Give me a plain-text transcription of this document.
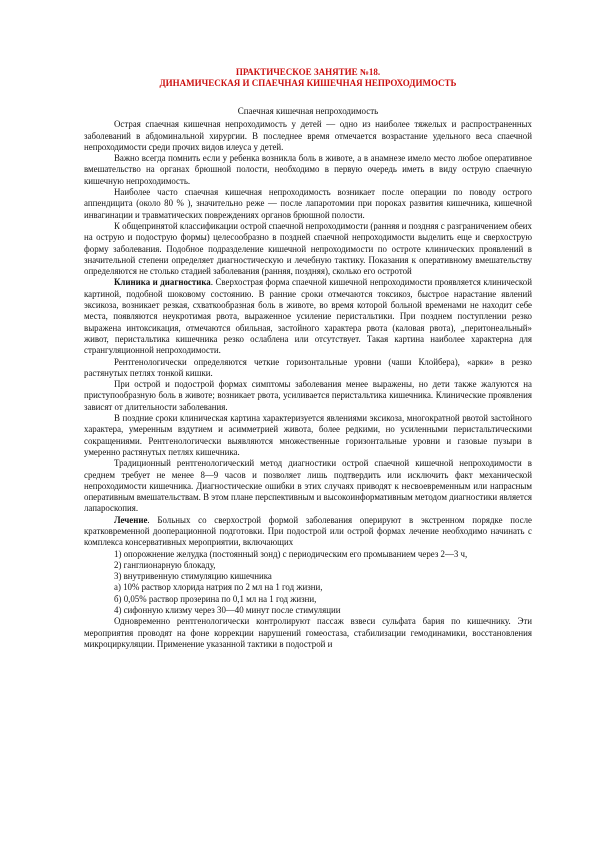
ПРАКТИЧЕСКОЕ ЗАНЯТИЕ №18.
ДИНАМИЧЕСКАЯ И СПАЕЧНАЯ КИШЕЧНАЯ НЕПРОХОДИМОСТЬ

Спаечная кишечная непроходимость

Острая спаечная кишечная непроходимость у детей — одно из наиболее тяжелых и распространенных заболеваний в абдоминальной хирургии. В последнее время отмечается возрастание удельного веса спаечной непроходимости среди прочих видов илеуса у детей.

Важно всегда помнить если у ребенка возникла боль в животе, а в анамнезе имело место любое оперативное вмешательство на органах брюшной полости, необходимо в первую очередь иметь в виду острую спаечную кишечную непроходимость.

Наиболее часто спаечная кишечная непроходимость возникает после операции по поводу острого аппендицита (около 80 % ), значительно реже — после лапаротомии при пороках развития кишечника, кишечной инвагинации и травматических повреждениях органов брюшной полости.

К общепринятой классификации острой спаечной непроходимости (ранняя и поздняя с разграничением обеих на острую и подострую формы) целесообразно в поздней спаечной непроходимости выделить еще и сверхострую форму заболевания. Подобное подразделение кишечной непроходимости по остроте клинических проявлений в значительной степени определяет диагностическую и лечебную тактику. Показания к оперативному вмешательству определяются не столько стадией заболевания (ранняя, поздняя), сколько его остротой

Клиника и диагностика. Сверхострая форма спаечной кишечной непроходимости проявляется клинической картиной, подобной шоковому состоянию. В ранние сроки отмечаются токсикоз, быстрое нарастание явлений эксикоза, возникает резкая, схваткообразная боль в животе, во время которой больной временами не находит себе места, появляются неукротимая рвота, выраженное усиление перистальтики. При позднем поступлении резко выражена интоксикация, отмечаются обильная, застойного характера рвота (каловая рвота), „перитонеальный» живот, перистальтика кишечника резко ослаблена или отсутствует. Такая картина наиболее характерна для странгуляционной непроходимости.

Рентгенологически определяются четкие горизонтальные уровни (чаши Клойбера), «арки» в резко растянутых петлях тонкой кишки.

При острой и подострой формах симптомы заболевания менее выражены, но дети также жалуются на приступообразную боль в животе; возникает рвота, усиливается перистальтика кишечника. Клинические проявления зависят от длительности заболевания.

В поздние сроки клиническая картина характеризуется явлениями эксикоза, многократной рвотой застойного характера, умеренным вздутием и асимметрией живота, более редкими, но усиленными перистальтическими сокращениями. Рентгенологически выявляются множественные горизонтальные уровни и газовые пузыри в умеренно растянутых петлях кишечника.

Традиционный рентгенологический метод диагностики острой спаечной кишечной непроходимости в среднем требует не менее 8—9 часов и позволяет лишь подтвердить или исключить факт механической непроходимости кишечника. Диагностические ошибки в этих случаях приводят к несвоевременным или напрасным оперативным вмешательствам. В этом плане перспективным и высокоинформативным методом диагностики является лапароскопия.

Лечение. Больных со сверхострой формой заболевания оперируют в экстренном порядке после кратковременной дооперационной подготовки. При подострой или острой формах лечение необходимо начинать с комплекса консервативных мероприятии, включающих

1) опорожнение желудка (постоянный зонд) с периодическим его промыванием через 2—3 ч,

2) ганглионарную блокаду,

3) внутривенную стимуляцию кишечника

а) 10% раствор хлорида натрия по 2 мл на 1 год жизни,

б) 0,05% раствор прозерина по 0,1 мл на 1 год жизни,

4) сифонную клизму через 30—40 минут после стимуляции

Одновременно рентгенологически контролируют пассаж взвеси сульфата бария по кишечнику. Эти мероприятия проводят на фоне коррекции нарушений гомеостаза, стабилизации гемодинамики, восстановления микроциркуляции. Применение указанной тактики в подострой и
